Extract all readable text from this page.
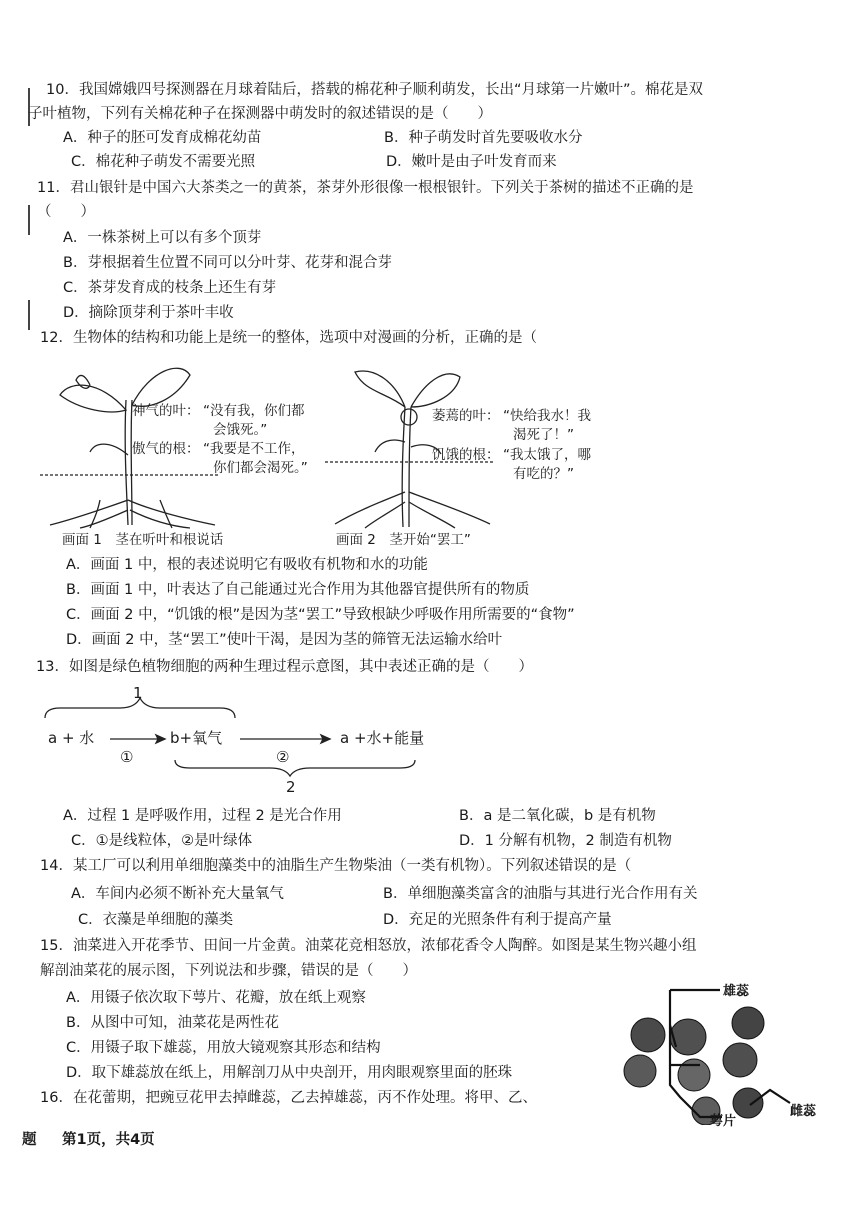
10．我国嫦娥四号探测器在月球着陆后，搭载的棉花种子顺利萌发，长出“月球第一片嫩叶”。棉花是双
子叶植物，下列有关棉花种子在探测器中萌发时的叙述错误的是（　　）
A．种子的胚可发育成棉花幼苗	B．种子萌发时首先要吸收水分
C．棉花种子萌发不需要光照	D．嫩叶是由子叶发育而来
11．君山银针是中国六大茶类之一的黄茶，茶芽外形很像一根根银针。下列关于茶树的描述不正确的是
（　　）
A．一株茶树上可以有多个顶芽
B．芽根据着生位置不同可以分叶芽、花芽和混合芽
C．茶芽发育成的枝条上还生有芽
D．摘除顶芽利于茶叶丰收
12．生物体的结构和功能上是统一的整体，选项中对漫画的分析，正确的是（
神气的叶： “没有我，你们都
会饿死。”
傲气的根： “我要是不工作，
你们都会渴死。”
画面 1　茎在听叶和根说话
萎蔫的叶： “快给我水！我
渴死了！”
饥饿的根： “我太饿了，哪
有吃的？”
画面 2　茎开始“罢工”
A．画面 1 中，根的表述说明它有吸收有机物和水的功能
B．画面 1 中，叶表达了自己能通过光合作用为其他器官提供所有的物质
C．画面 2 中，“饥饿的根”是因为茎“罢工”导致根缺少呼吸作用所需要的“食物”
D．画面 2 中，茎“罢工”使叶干渴，是因为茎的筛管无法运输水给叶
13．如图是绿色植物细胞的两种生理过程示意图，其中表述正确的是（　　）
1
a + 水
①
b+氧气
②
a +水+能量
2
A．过程 1 是呼吸作用，过程 2 是光合作用	B．a 是二氧化碳，b 是有机物
C．①是线粒体，②是叶绿体	D．1 分解有机物，2 制造有机物
14．某工厂可以利用单细胞藻类中的油脂生产生物柴油（一类有机物）。下列叙述错误的是（
A．车间内必须不断补充大量氧气	B．单细胞藻类富含的油脂与其进行光合作用有关
C．衣藻是单细胞的藻类	D．充足的光照条件有利于提高产量
15．油菜进入开花季节、田间一片金黄。油菜花竞相怒放，浓郁花香令人陶醉。如图是某生物兴趣小组
解剖油菜花的展示图，下列说法和步骤，错误的是（　　）
A．用镊子依次取下萼片、花瓣，放在纸上观察
B．从图中可知，油菜花是两性花
C．用镊子取下雄蕊，用放大镜观察其形态和结构
D．取下雄蕊放在纸上，用解剖刀从中央剖开，用肉眼观察里面的胚珠
雄蕊
雌蕊
萼片
16．在花蕾期，把豌豆花甲去掉雌蕊，乙去掉雄蕊，丙不作处理。将甲、乙、
题 第1页，共4页
